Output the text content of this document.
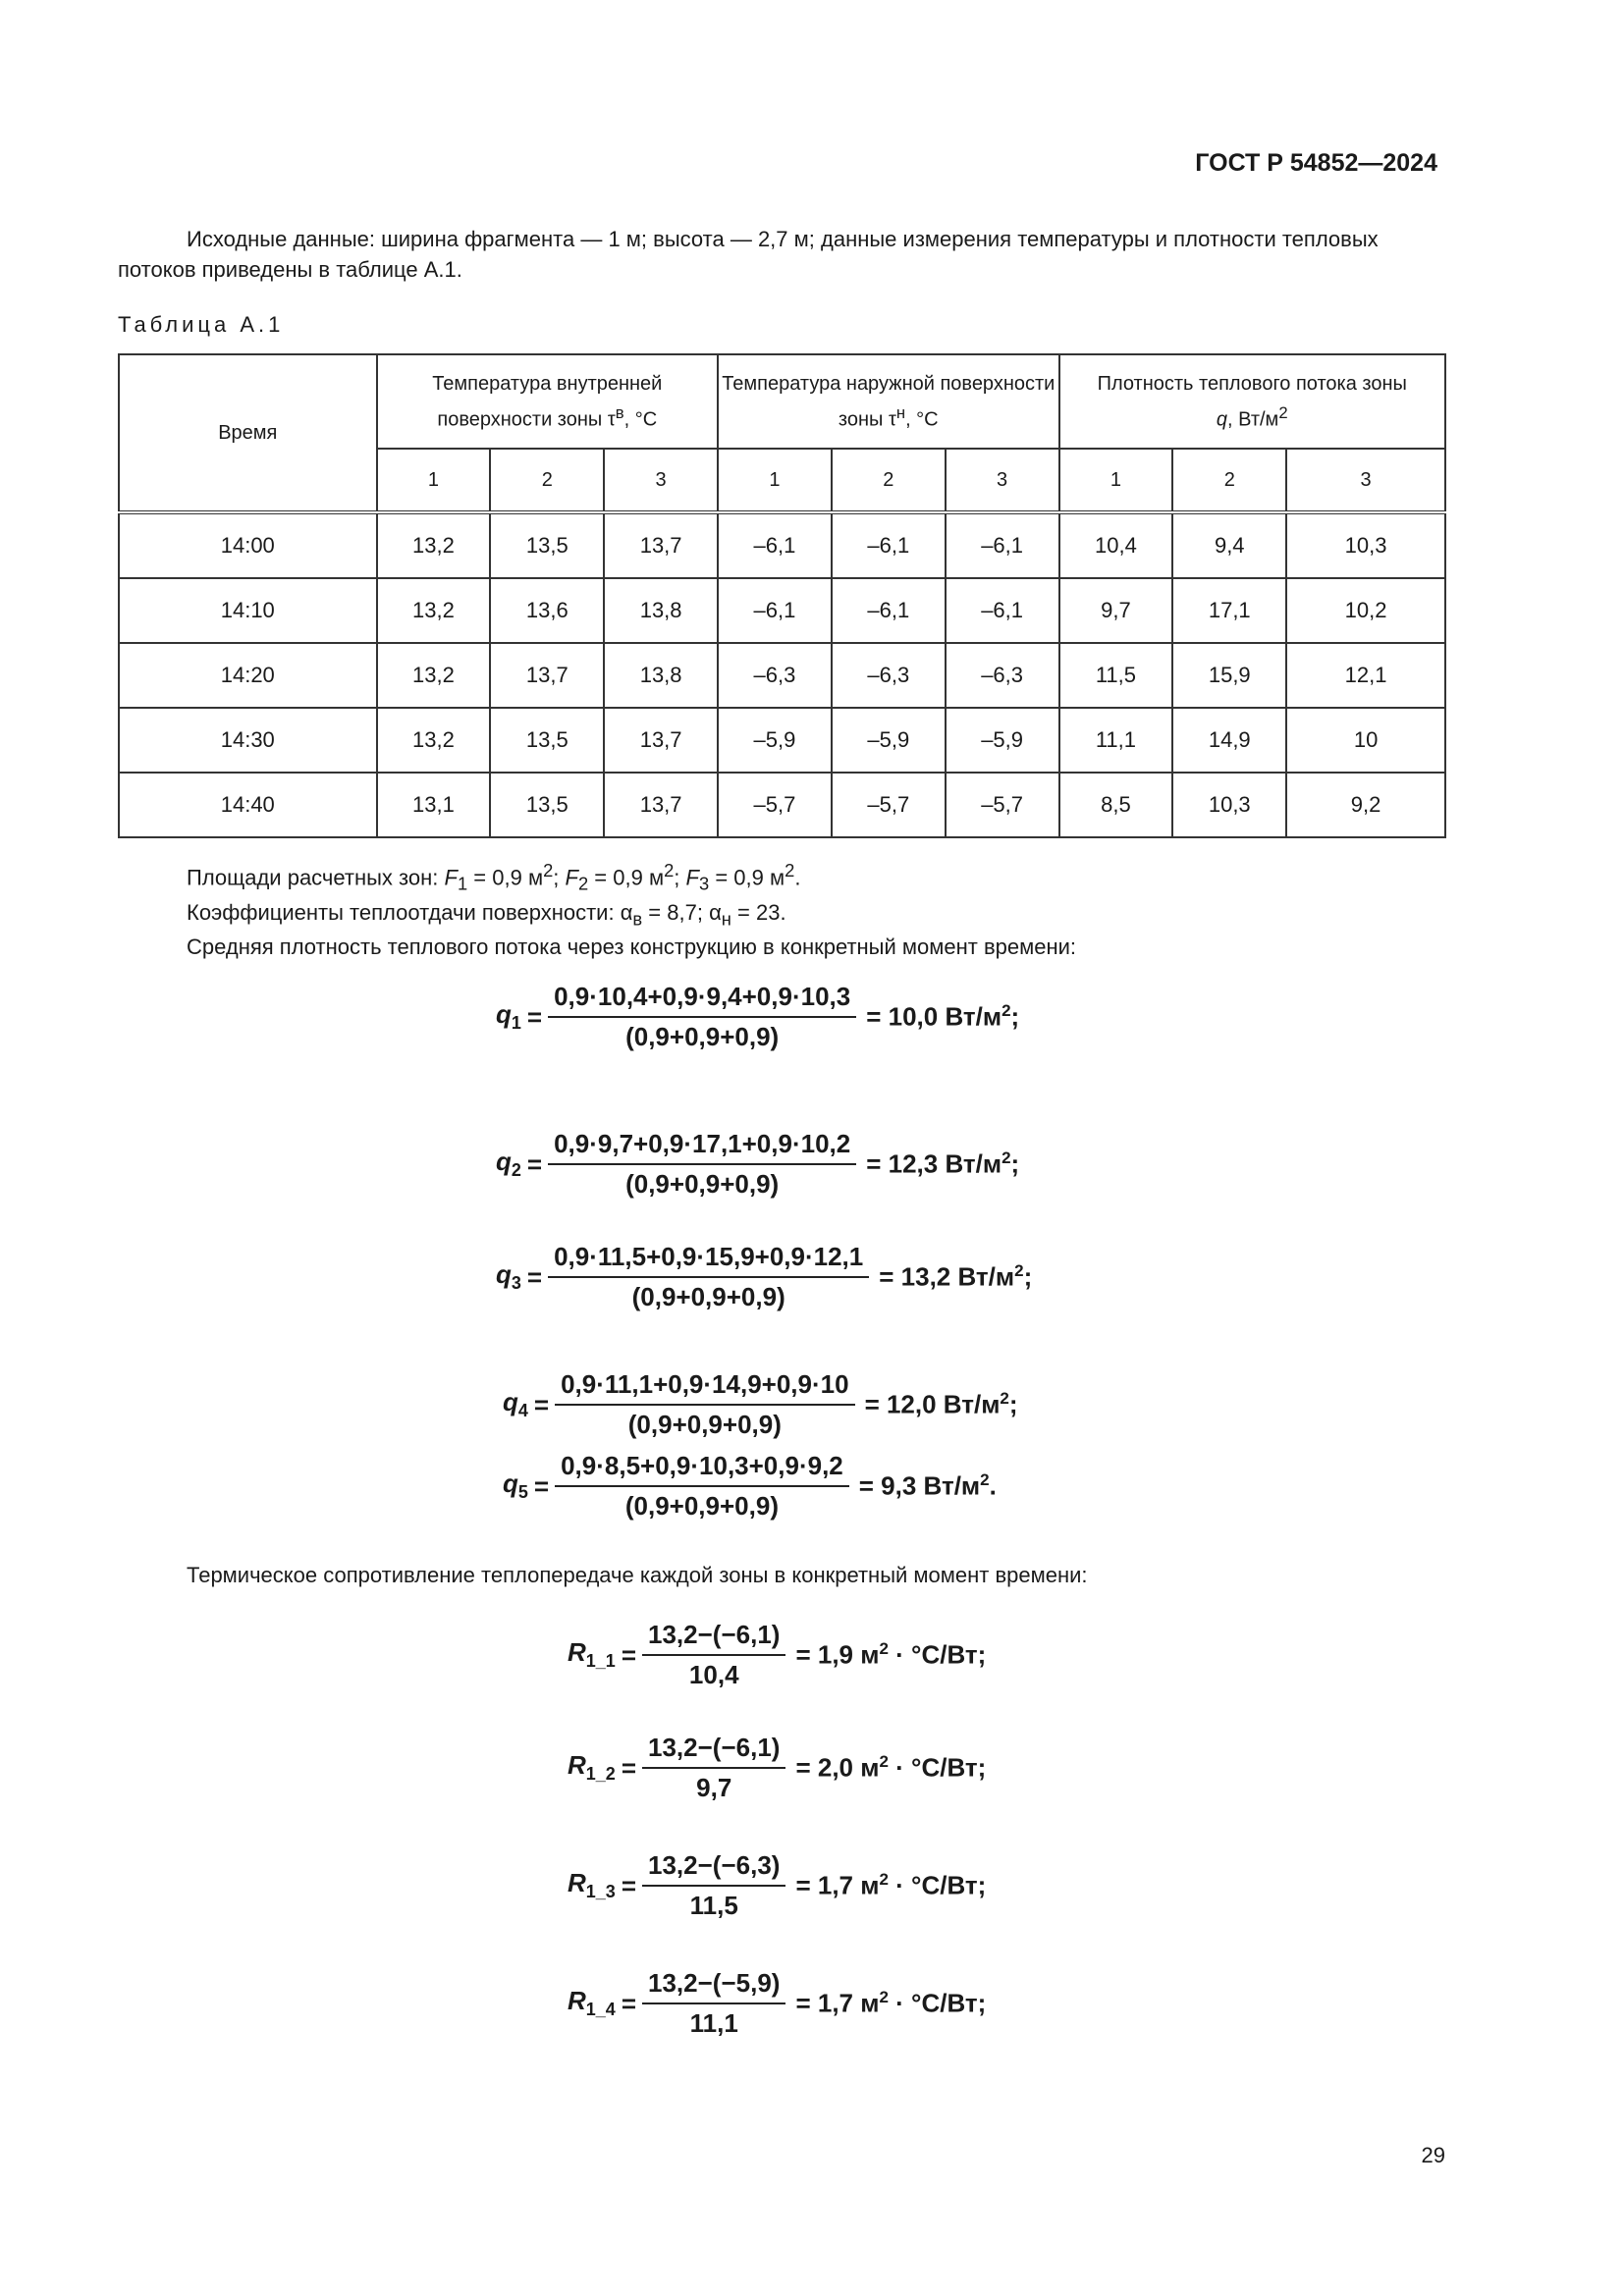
ГОСТ Р 54852—2024
Исходные данные: ширина фрагмента — 1 м; высота — 2,7 м; данные измерения температуры и плотности тепловых потоков приведены в таблице А.1.
Таблица А.1
Время	Температура внутренней поверхности зоны $\tau^в$, °С			Температура наружной поверхности зоны $\tau^н$, °С			Плотность теплового потока зоны
q, $Вт/м^2$
	1	2	3	1	2	3	1	2	3
14:00	13,2	13,5	13,7	–6,1	–6,1	–6,1	10,4	9,4	10,3
14:10	13,2	13,6	13,8	–6,1	–6,1	–6,1	9,7	17,1	10,2
14:20	13,2	13,7	13,8	–6,3	–6,3	–6,3	11,5	15,9	12,1
14:30	13,2	13,5	13,7	–5,9	–5,9	–5,9	11,1	14,9	10
14:40	13,1	13,5	13,7	–5,7	–5,7	–5,7	8,5	10,3	9,2
Площади расчетных зон: $F_1 = 0,9$ $м^2$; $F_2 = 0,9$ $м^2$; $F_3 = 0,9$ $м^2$.
Коэффициенты теплоотдачи поверхности: $\alpha_в = 8,7$; $\alpha_н = 23$.
Средняя плотность теплового потока через конструкцию в конкретный момент времени:
$q_1 = \frac{0,9\cdot 10,4+0,9\cdot 9,4+0,9\cdot 10,3}{(0,9+0,9+0,9)} = 10,0$ $Вт/м^2$;
$q_2 = \frac{0,9\cdot 9,7+0,9\cdot 17,1+0,9\cdot 10,2}{(0,9+0,9+0,9)} = 12,3$ $Вт/м^2$;
$q_3 = \frac{0,9\cdot 11,5+0,9\cdot 15,9+0,9\cdot 12,1}{(0,9+0,9+0,9)} = 13,2$ $Вт/м^2$;
$q_4 = \frac{0,9\cdot 11,1+0,9\cdot 14,9+0,9\cdot 10}{(0,9+0,9+0,9)} = 12,0$ $Вт/м^2$;
$q_5 = \frac{0,9\cdot 8,5+0,9\cdot 10,3+0,9\cdot 9,2}{(0,9+0,9+0,9)} = 9,3$ $Вт/м^2$.
Термическое сопротивление теплопередаче каждой зоны в конкретный момент времени:
$R_{1\_1} = \frac{13,2-(-6,1)}{10,4} = 1,9$ $м^2 \cdot ^\circ С/Вт$;
$R_{1\_2} = \frac{13,2-(-6,1)}{9,7} = 2,0$ $м^2 \cdot ^\circ С/Вт$;
$R_{1\_3} = \frac{13,2-(-6,3)}{11,5} = 1,7$ $м^2 \cdot ^\circ С/Вт$;
$R_{1\_4} = \frac{13,2-(-5,9)}{11,1} = 1,7$ $м^2 \cdot ^\circ С/Вт$;
29
